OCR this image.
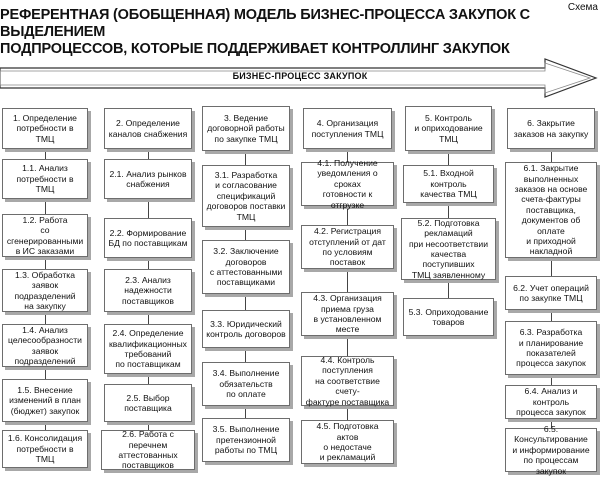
Схема
РЕФЕРЕНТНАЯ (ОБОБЩЕННАЯ) МОДЕЛЬ БИЗНЕС-ПРОЦЕССА ЗАКУПОК С ВЫДЕЛЕНИЕМ
ПОДПРОЦЕССОВ, КОТОРЫЕ ПОДДЕРЖИВАЕТ КОНТРОЛЛИНГ ЗАКУПОК
БИЗНЕС-ПРОЦЕСС ЗАКУПОК
1. Определение
потребности в ТМЦ
1.1. Анализ
потребности в ТМЦ
1.2. Работа
со сгенерированными
в ИС заказами
1.3. Обработка
заявок подразделений
на закупку
1.4. Анализ
целесообразности
заявок подразделений
1.5. Внесение
изменений в план
(бюджет) закупок
1.6. Консолидация
потребности в ТМЦ
2. Определение
каналов снабжения
2.1. Анализ рынков
снабжения
2.2. Формирование
БД по поставщикам
2.3. Анализ
надежности
поставщиков
2.4. Определение
квалификационных
требований
по поставщикам
2.5. Выбор
поставщика
2.6. Работа с перечнем
аттестованных
поставщиков
3. Ведение
договорной работы
по закупке ТМЦ
3.1. Разработка
и согласование
спецификаций
договоров поставки
ТМЦ
3.2. Заключение
договоров
с аттестованными
поставщиками
3.3. Юридический
контроль договоров
3.4. Выполнение
обязательств
по оплате
3.5. Выполнение
претензионной
работы по ТМЦ
4. Организация
поступления ТМЦ
4.1. Получение
уведомления о сроках
готовности к отгрузке
4.2. Регистрация
отступлений от дат
по условиям поставок
4.3. Организация
приема груза
в установленном месте
4.4. Контроль
поступления
на соответствие счету-
фактуре поставщика
4.5. Подготовка актов
о недостаче
и рекламаций
5. Контроль
и оприходование
ТМЦ
5.1. Входной контроль
качества ТМЦ
5.2. Подготовка
рекламаций
при несоответствии
качества поступивших
ТМЦ заявленному
5.3. Оприходование
товаров
6. Закрытие
заказов на закупку
6.1. Закрытие
выполненных
заказов на основе
счета-фактуры
поставщика,
документов об оплате
и приходной
накладной
6.2. Учет операций
по закупке ТМЦ
6.3. Разработка
и планирование
показателей
процесса закупок
6.4. Анализ и контроль
процесса закупок
6.5. Консультирование
и информирование
по процессам закупок
